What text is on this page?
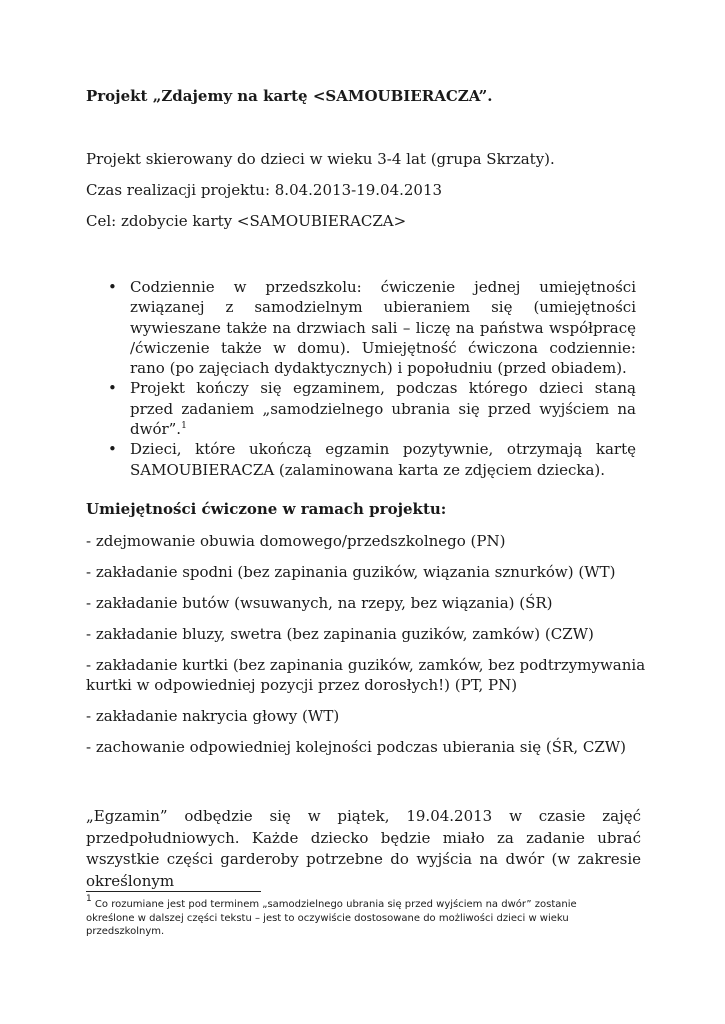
Projekt „Zdajemy na kartę <SAMOUBIERACZA”.

Projekt skierowany do dzieci w wieku 3-4 lat (grupa Skrzaty).

Czas realizacji projektu: 8.04.2013-19.04.2013

Cel: zdobycie karty <SAMOUBIERACZA>

• Codziennie w przedszkolu: ćwiczenie jednej umiejętności związanej z samodzielnym ubieraniem się (umiejętności wywieszane także na drzwiach sali – liczę na państwa współpracę /ćwiczenie także w domu). Umiejętność ćwiczona codziennie: rano (po zajęciach dydaktycznych) i popołudniu (przed obiadem).
• Projekt kończy się egzaminem, podczas którego dzieci staną przed zadaniem „samodzielnego ubrania się przed wyjściem na dwór”.$^1$
• Dzieci, które ukończą egzamin pozytywnie, otrzymają kartę SAMOUBIERACZA (zalaminowana karta ze zdjęciem dziecka).
Umiejętności ćwiczone w ramach projektu:

- zdejmowanie obuwia domowego/przedszkolnego (PN)

- zakładanie spodni (bez zapinania guzików, wiązania sznurków) (WT)

- zakładanie butów (wsuwanych, na rzepy, bez wiązania) (ŚR)

- zakładanie bluzy, swetra (bez zapinania guzików, zamków) (CZW)

- zakładanie kurtki (bez zapinania guzików, zamków, bez podtrzymywania kurtki w odpowiedniej pozycji przez dorosłych!) (PT, PN)

- zakładanie nakrycia głowy (WT)

- zachowanie odpowiedniej kolejności podczas ubierania się (ŚR, CZW)

„Egzamin” odbędzie się w piątek, 19.04.2013 w czasie zajęć
przedpołudniowych. Każde dziecko będzie miało za zadanie ubrać wszystkie części garderoby potrzebne do wyjścia na dwór (w zakresie określonym
$^1$ Co rozumiane jest pod terminem „samodzielnego ubrania się przed wyjściem na dwór” zostanie określone w dalszej części tekstu – jest to oczywiście dostosowane do możliwości dzieci w wieku przedszkolnym.
